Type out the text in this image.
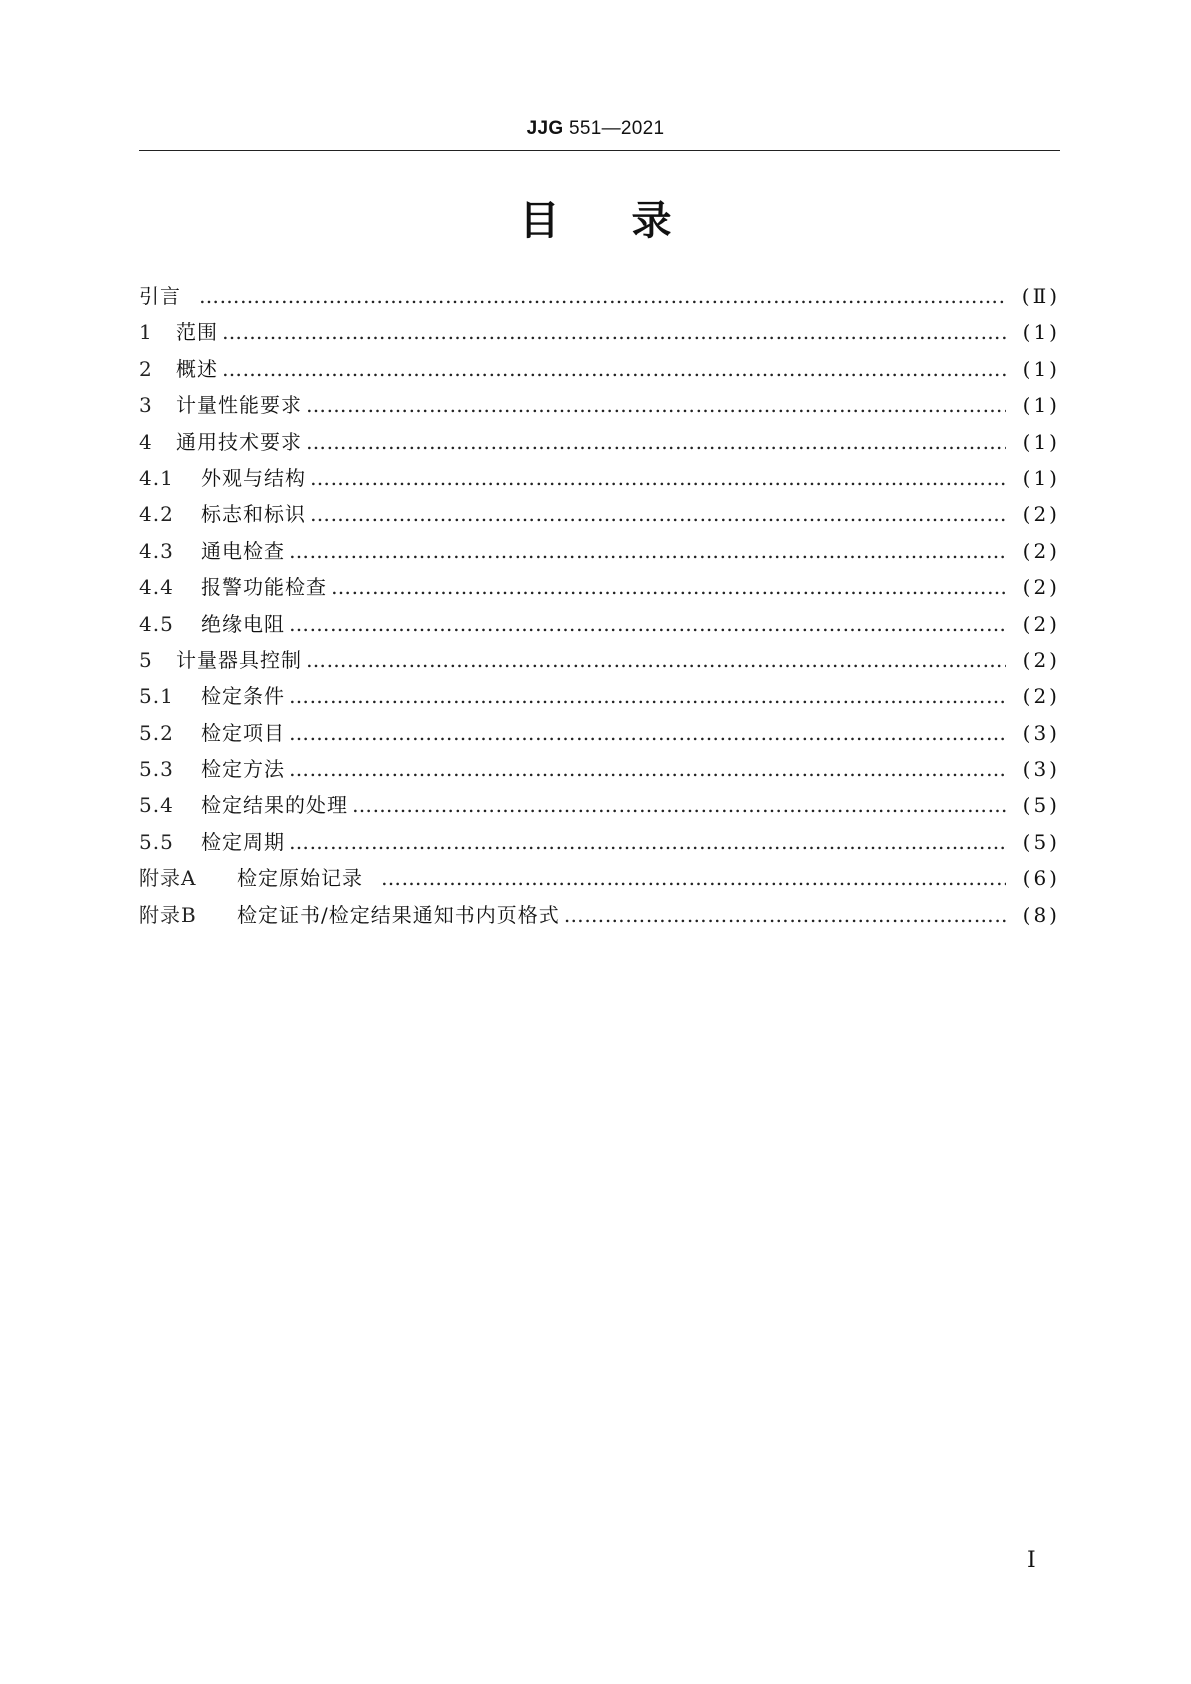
JJG 551—2021
目录
引言 ……………………………………………………………………………………………………………………………………………………………………………………………………………………………	(Ⅱ)
1	范围 ……………………………………………………………………………………………………………………………………………………………………………………………………………………………	(1)
2	概述 ……………………………………………………………………………………………………………………………………………………………………………………………………………………………	(1)
3	计量性能要求 ……………………………………………………………………………………………………………………………………………………………………………………………………………………………	(1)
4	通用技术要求 ……………………………………………………………………………………………………………………………………………………………………………………………………………………………	(1)
4.1	外观与结构 ……………………………………………………………………………………………………………………………………………………………………………………………………………………………	(1)
4.2	标志和标识 ……………………………………………………………………………………………………………………………………………………………………………………………………………………………	(2)
4.3	通电检查 ……………………………………………………………………………………………………………………………………………………………………………………………………………………………	(2)
4.4	报警功能检查 ……………………………………………………………………………………………………………………………………………………………………………………………………………………………	(2)
4.5	绝缘电阻 ……………………………………………………………………………………………………………………………………………………………………………………………………………………………	(2)
5	计量器具控制 ……………………………………………………………………………………………………………………………………………………………………………………………………………………………	(2)
5.1	检定条件 ……………………………………………………………………………………………………………………………………………………………………………………………………………………………	(2)
5.2	检定项目 ……………………………………………………………………………………………………………………………………………………………………………………………………………………………	(3)
5.3	检定方法 ……………………………………………………………………………………………………………………………………………………………………………………………………………………………	(3)
5.4	检定结果的处理 ……………………………………………………………………………………………………………………………………………………………………………………………………………………………	(5)
5.5	检定周期 ……………………………………………………………………………………………………………………………………………………………………………………………………………………………	(5)
附录A	检定原始记录 ……………………………………………………………………………………………………………………………………………………………………………………………………………………………	(6)
附录B	检定证书/检定结果通知书内页格式 ……………………………………………………………………………………………………………………………………………………………………………………………………………………………	(8)
Ⅰ
